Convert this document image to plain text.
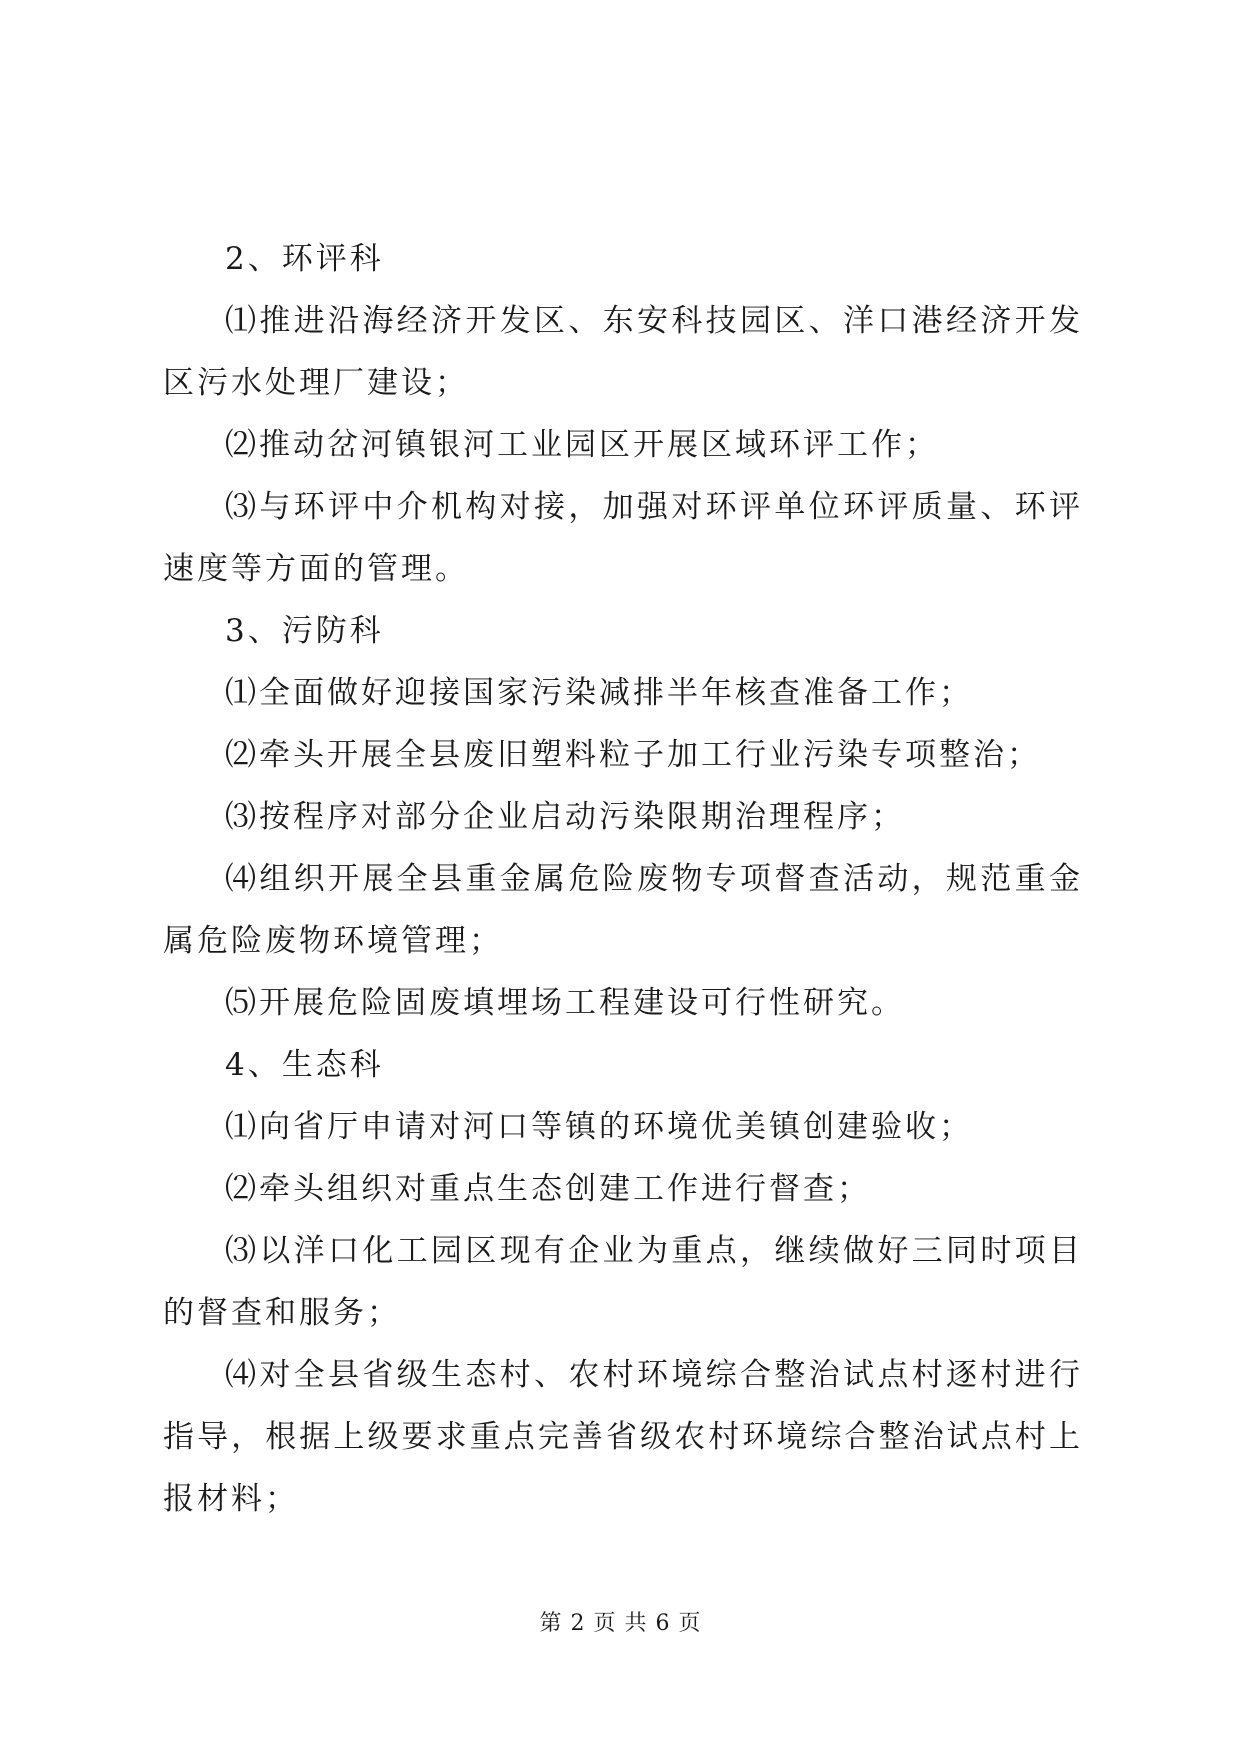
2、环评科

⑴推进沿海经济开发区、东安科技园区、洋口港经济开发区污水处理厂建设；

⑵推动岔河镇银河工业园区开展区域环评工作；

⑶与环评中介机构对接，加强对环评单位环评质量、环评速度等方面的管理。

3、污防科

⑴全面做好迎接国家污染减排半年核查准备工作；

⑵牵头开展全县废旧塑料粒子加工行业污染专项整治；

⑶按程序对部分企业启动污染限期治理程序；

⑷组织开展全县重金属危险废物专项督查活动，规范重金属危险废物环境管理；

⑸开展危险固废填埋场工程建设可行性研究。

4、生态科

⑴向省厅申请对河口等镇的环境优美镇创建验收；

⑵牵头组织对重点生态创建工作进行督查；

⑶以洋口化工园区现有企业为重点，继续做好三同时项目的督查和服务；

⑷对全县省级生态村、农村环境综合整治试点村逐村进行指导，根据上级要求重点完善省级农村环境综合整治试点村上报材料；

第 2 页 共 6 页
